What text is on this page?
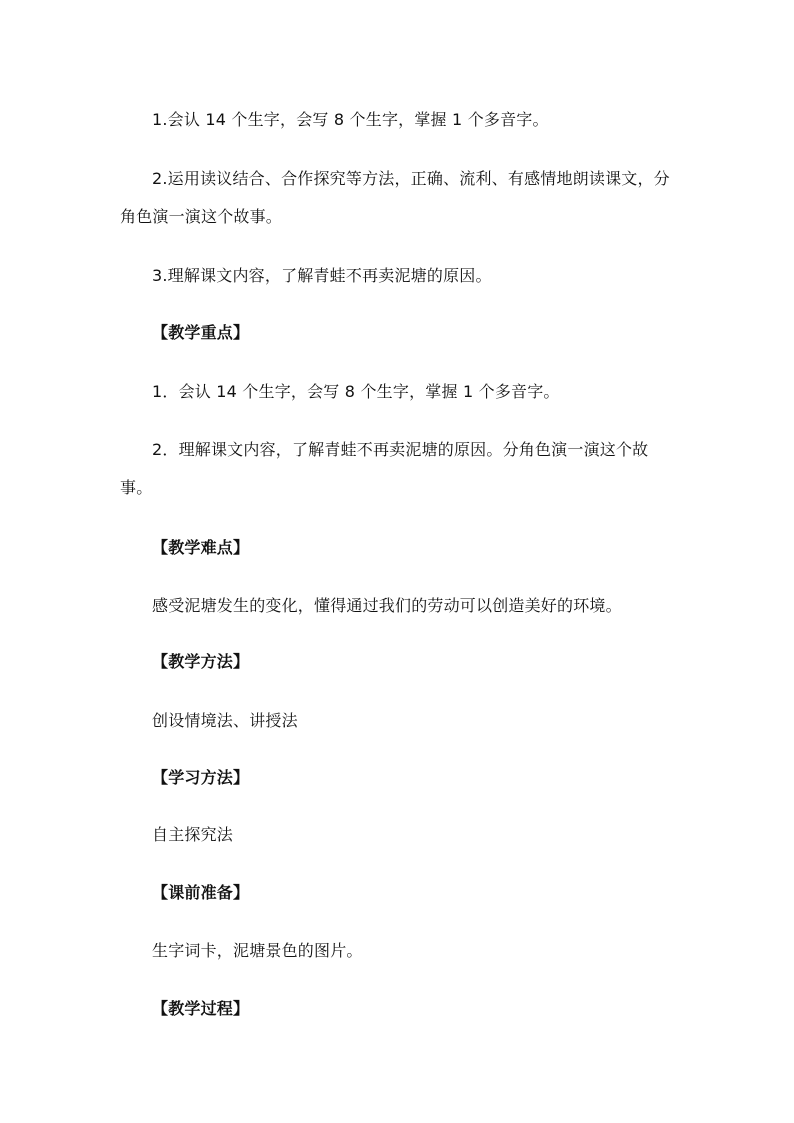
1.会认 14 个生字，会写 8 个生字，掌握 1 个多音字。
2.运用读议结合、合作探究等方法，正确、流利、有感情地朗读课文，分角色演一演这个故事。
3.理解课文内容，了解青蛙不再卖泥塘的原因。
【教学重点】
1．会认 14 个生字，会写 8 个生字，掌握 1 个多音字。
2．理解课文内容，了解青蛙不再卖泥塘的原因。分角色演一演这个故事。
【教学难点】
感受泥塘发生的变化，懂得通过我们的劳动可以创造美好的环境。
【教学方法】
创设情境法、讲授法
【学习方法】
自主探究法
【课前准备】
生字词卡，泥塘景色的图片。
【教学过程】
